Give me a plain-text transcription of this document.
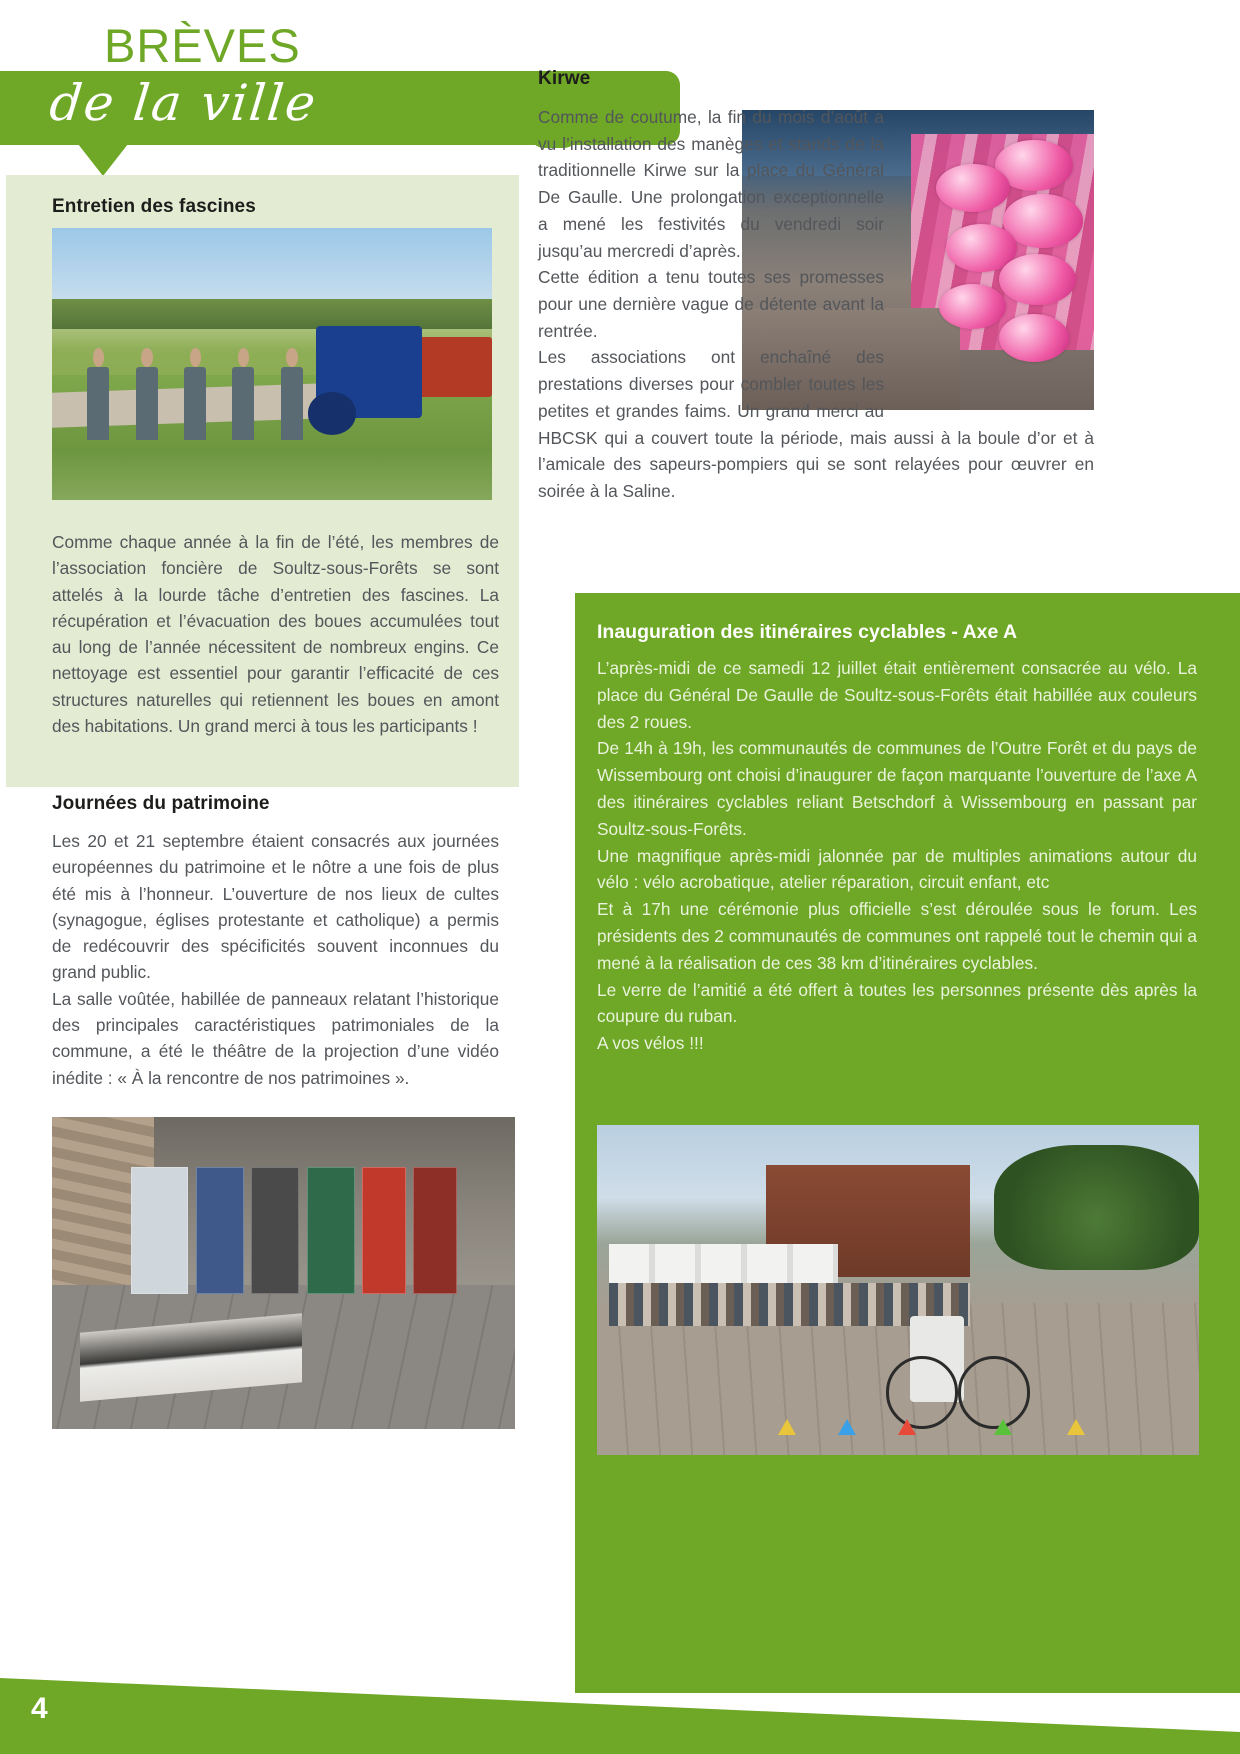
BRÈVES
de la ville
Entretien des fascines
Comme chaque année à la fin de l’été, les membres de l’association foncière de Soultz-sous-Forêts se sont attelés à la lourde tâche d’entretien des fascines. La récupération et l’évacuation des boues accumulées tout au long de l’année nécessitent de nombreux engins. Ce nettoyage est essentiel pour garantir l’efficacité de ces structures naturelles qui retiennent les boues en amont des habitations. Un grand merci à tous les participants !
Journées du patrimoine
Les 20 et 21 septembre étaient consacrés aux journées européennes du patrimoine et le nôtre a une fois de plus été mis à l’honneur. L’ouverture de nos lieux de cultes (synagogue, églises protestante et catholique) a permis de redécouvrir des spécificités souvent inconnues du grand public.
La salle voûtée, habillée de panneaux relatant l’historique des principales caractéristiques patrimoniales de la commune, a été le théâtre de la projection d’une vidéo inédite : « À la rencontre de nos patrimoines ».
Kirwe
Comme de coutume, la fin du mois d’août a vu l’installation des manèges et stands de la traditionnelle Kirwe sur la place du Général De Gaulle. Une prolongation exceptionnelle a mené les festivités du vendredi soir jusqu’au mercredi d’après.
Cette édition a tenu toutes ses promesses pour une dernière vague de détente avant la rentrée.
Les associations ont enchaîné des prestations diverses pour combler toutes les petites et grandes faims. Un grand merci au HBCSK qui a couvert toute la période, mais aussi à la boule d’or et à l’amicale des sapeurs-pompiers qui se sont relayées pour œuvrer en soirée à la Saline.
Inauguration des itinéraires cyclables - Axe A

L’après-midi de ce samedi 12 juillet était entièrement consacrée au vélo. La place du Général De Gaulle de Soultz-sous-Forêts était habillée aux couleurs des 2 roues.

De 14h à 19h, les communautés de communes de l’Outre Forêt et du pays de Wissembourg ont choisi d’inaugurer de façon marquante l’ouverture de l’axe A des itinéraires cyclables reliant Betschdorf à Wissembourg en passant par Soultz-sous-Forêts.

Une magnifique après-midi jalonnée par de multiples animations autour du vélo : vélo acrobatique, atelier réparation, circuit enfant, etc

Et à 17h une cérémonie plus officielle s’est déroulée sous le forum. Les présidents des 2 communautés de communes ont rappelé tout le chemin qui a mené à la réalisation de ces 38 km d’itinéraires cyclables.

Le verre de l’amitié a été offert à toutes les personnes présente dès après la coupure du ruban.

A vos vélos !!!

4
